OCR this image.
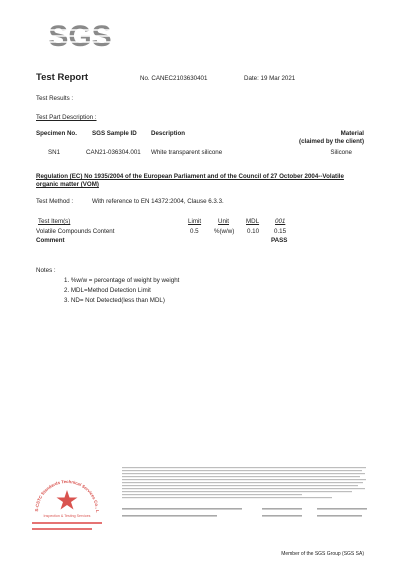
SGS
Test Report	No. CANEC2103630401	Date: 19 Mar 2021
Test Results :
Test Part Description :
Specimen No. SGS Sample ID Description	Material
(claimed by the client)
SN1	CAN21-036304.001 White transparent silicone	Silicone
Regulation (EC) No 1935/2004 of the European Parliament and of the Council of 27 October 2004--Volatile
organic matter (VOM)
Test Method :	With reference to EN 14372:2004, Clause 6.3.3.
Test Item(s)	Limit	Unit	MDL	001
Volatile Compounds Content	0.5 %(w/w) 0.10 0.15
Comment	PASS
Notes :
1. %w/w = percentage of weight by weight
2. MDL=Method Detection Limit
3. ND= Not Detected(less than MDL)
S-CSTC Standards Technical Services Co., L
Inspection & Testing Services
Member of the SGS Group (SGS SA)
